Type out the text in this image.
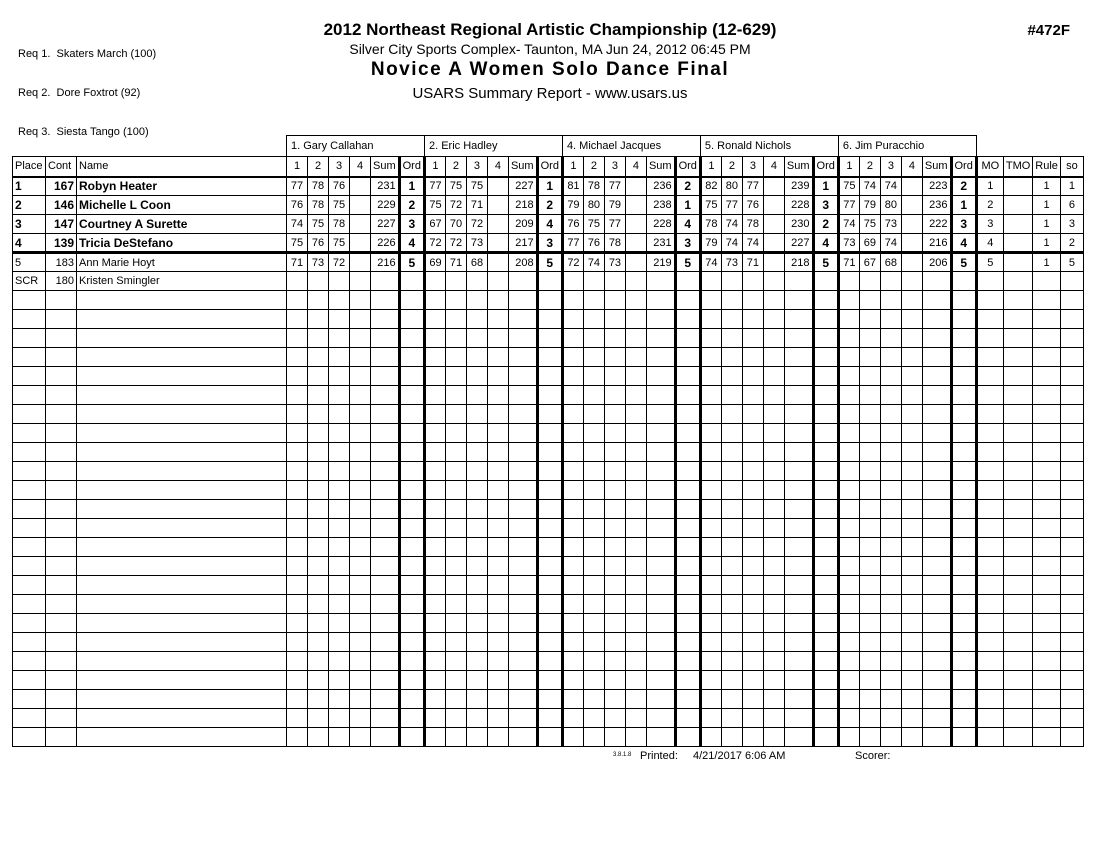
Req 1.  Skaters March (100)

Req 2.  Dore Foxtrot (92)

Req 3.  Siesta Tango (100)

2012 Northeast Regional Artistic Championship (12-629)
Silver City Sports Complex- Taunton, MA Jun 24, 2012 06:45 PM
Novice A Women Solo Dance Final
USARS Summary Report - www.usars.us
#472F
			1. Gary Callahan						2. Eric Hadley						4. Michael Jacques						5. Ronald Nichols						6. Jim Puracchio									
Place	Cont	Name	1	2	3	4	Sum	Ord	1	2	3	4	Sum	Ord	1	2	3	4	Sum	Ord	1	2	3	4	Sum	Ord	1	2	3	4	Sum	Ord	MO	TMO	Rule	so
1	167	Robyn Heater	77	78	76		231	1	77	75	75		227	1	81	78	77		236	2	82	80	77		239	1	75	74	74		223	2	1		1	1
2	146	Michelle L Coon	76	78	75		229	2	75	72	71		218	2	79	80	79		238	1	75	77	76		228	3	77	79	80		236	1	2		1	6
3	147	Courtney A Surette	74	75	78		227	3	67	70	72		209	4	76	75	77		228	4	78	74	78		230	2	74	75	73		222	3	3		1	3
4	139	Tricia DeStefano	75	76	75		226	4	72	72	73		217	3	77	76	78		231	3	79	74	74		227	4	73	69	74		216	4	4		1	2
5	183	Ann Marie Hoyt	71	73	72		216	5	69	71	68		208	5	72	74	73		219	5	74	73	71		218	5	71	67	68		206	5	5		1	5
SCR	180	Kristen Smingler																																		

3.8.1.8 Printed: 4/21/2017 6:06 AM	Scorer:
